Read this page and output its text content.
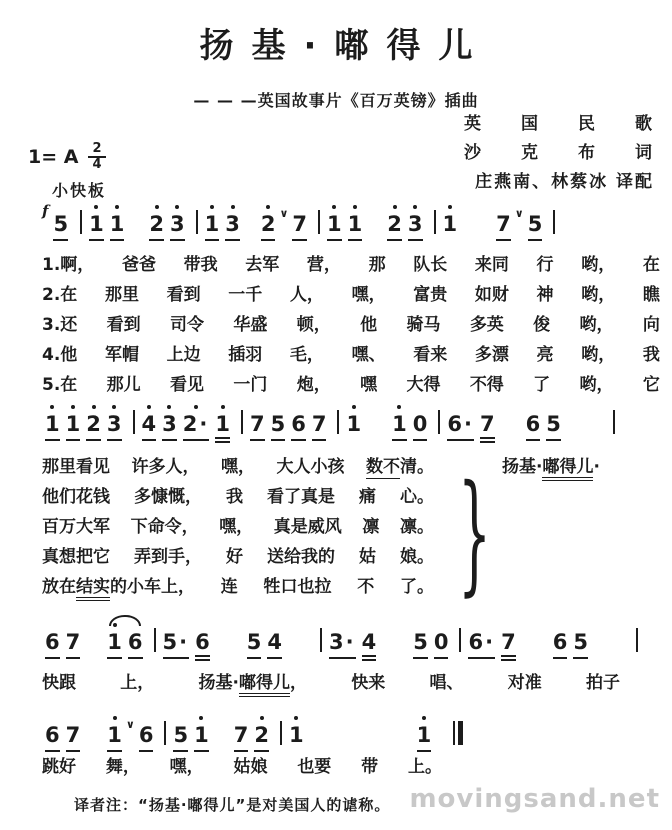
扬基·嘟得儿
— — —英国故事片《百万英镑》插曲
英　　国　　民　　歌
沙　　克　　布　　词
庄燕南、林蔡冰 译配
1= A $\frac{2}{4}$
小快板
$^f$5 1 1 2 3 1 3 2 ∨ 7 1 1 2 3 1 7 ∨ 5
1.啊， 爸爸 带我 去军 营， 那 队长 来同 行 哟， 在
2.在 那里 看到 一千 人， 嘿， 富贵 如财 神 哟， 瞧
3.还 看到 司令 华盛 顿， 他 骑马 多英 俊 哟， 向
4.他 军帽 上边 插羽 毛， 嘿、 看来 多漂 亮 哟， 我
5.在 那儿 看见 一门 炮， 嘿 大得 不得 了 哟， 它
1 1 2 3 4 3 2· 1 7 5 6 7 1 1 0 6· 7 6 5
那里看见 许多人， 嘿， 大人小孩 数不清。
他们花钱 多慷慨， 我 看了真是 痛 心。
百万大军 下命令， 嘿， 真是威风 凛 凛。
真想把它 弄到手， 好 送给我的 姑 娘。
放在结实的小车上， 连 牲口也拉 不 了。 } 扬基·嘟得儿·
6 7 1 6 5· 6 5 4 3· 4 5 0 6· 7 6 5
快跟	上，	扬基·嘟得儿，	快来	唱、	对准	拍子
6 7 1 ∨ 6 5 1 7 2 1	1
跳好 舞， 嘿， 姑娘 也要 带 上。
译者注：“扬基·嘟得儿”是对美国人的谑称。 movingsand.net
